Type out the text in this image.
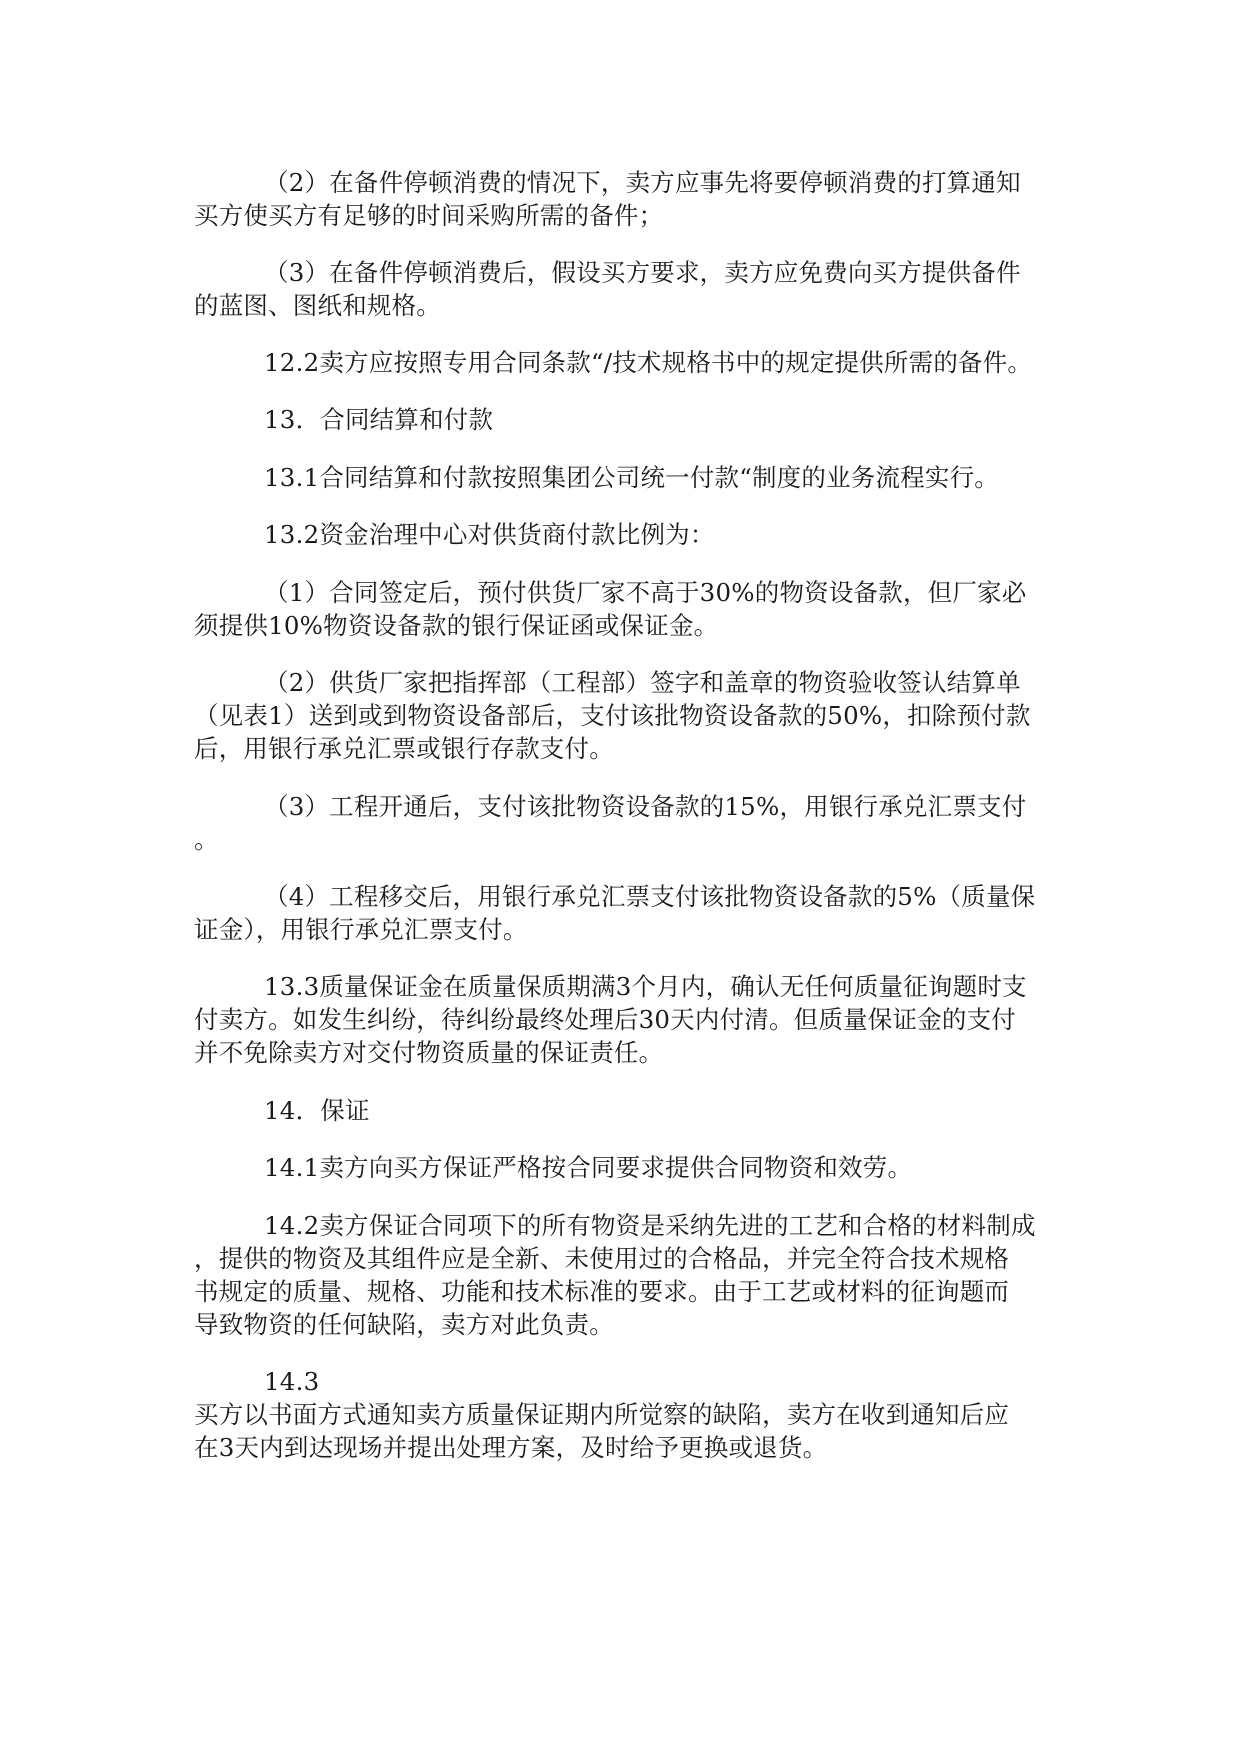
（2）在备件停顿消费的情况下，卖方应事先将要停顿消费的打算通知
买方使买方有足够的时间采购所需的备件；
（3）在备件停顿消费后，假设买方要求，卖方应免费向买方提供备件
的蓝图、图纸和规格。
12.2卖方应按照专用合同条款“/技术规格书中的规定提供所需的备件。
13．合同结算和付款
13.1合同结算和付款按照集团公司统一付款“制度的业务流程实行。
13.2资金治理中心对供货商付款比例为：
（1）合同签定后，预付供货厂家不高于30%的物资设备款，但厂家必
须提供10%物资设备款的银行保证函或保证金。
（2）供货厂家把指挥部（工程部）签字和盖章的物资验收签认结算单
（见表1）送到或到物资设备部后，支付该批物资设备款的50%，扣除预付款
后，用银行承兑汇票或银行存款支付。
（3）工程开通后，支付该批物资设备款的15%，用银行承兑汇票支付
。
（4）工程移交后，用银行承兑汇票支付该批物资设备款的5%（质量保
证金），用银行承兑汇票支付。
13.3质量保证金在质量保质期满3个月内，确认无任何质量征询题时支
付卖方。如发生纠纷，待纠纷最终处理后30天内付清。但质量保证金的支付
并不免除卖方对交付物资质量的保证责任。
14．保证
14.1卖方向买方保证严格按合同要求提供合同物资和效劳。
14.2卖方保证合同项下的所有物资是采纳先进的工艺和合格的材料制成
，提供的物资及其组件应是全新、未使用过的合格品，并完全符合技术规格
书规定的质量、规格、功能和技术标准的要求。由于工艺或材料的征询题而
导致物资的任何缺陷，卖方对此负责。
14.3
买方以书面方式通知卖方质量保证期内所觉察的缺陷，卖方在收到通知后应
在3天内到达现场并提出处理方案，及时给予更换或退货。
